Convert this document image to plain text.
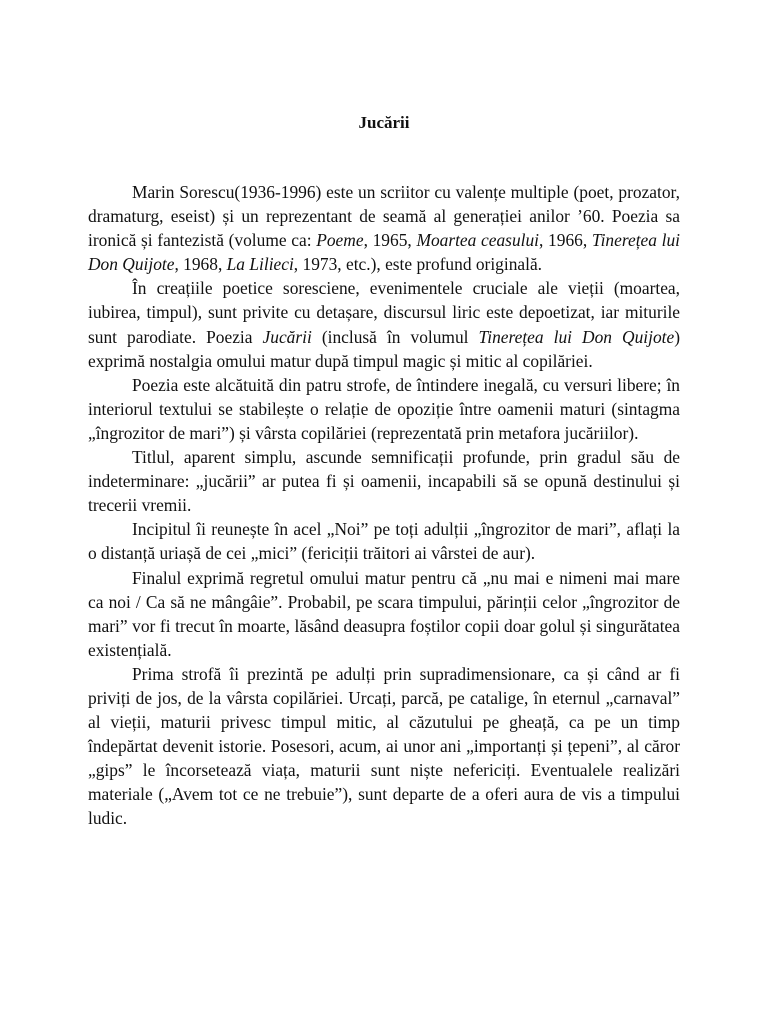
Jucării

Marin Sorescu(1936-1996) este un scriitor cu valențe multiple (poet, prozator, dramaturg, eseist) și un reprezentant de seamă al generației anilor ’60. Poezia sa ironică și fantezistă (volume ca: Poeme, 1965, Moartea ceasului, 1966, Tinerețea lui Don Quijote, 1968, La Lilieci, 1973, etc.), este profund originală.

În creațiile poetice soresciene, evenimentele cruciale ale vieții (moartea, iubirea, timpul), sunt privite cu detașare, discursul liric este depoetizat, iar miturile sunt parodiate. Poezia Jucării (inclusă în volumul Tinerețea lui Don Quijote) exprimă nostalgia omului matur după timpul magic și mitic al copilăriei.

Poezia este alcătuită din patru strofe, de întindere inegală, cu versuri libere; în interiorul textului se stabilește o relație de opoziție între oamenii maturi (sintagma „îngrozitor de mari”) și vârsta copilăriei (reprezentată prin metafora jucăriilor).

Titlul, aparent simplu, ascunde semnificații profunde, prin gradul său de indeterminare: „jucării” ar putea fi și oamenii, incapabili să se opună destinului și trecerii vremii.

Incipitul îi reunește în acel „Noi” pe toți adulții „îngrozitor de mari”, aflați la o distanță uriașă de cei „mici” (fericiții trăitori ai vârstei de aur).

Finalul exprimă regretul omului matur pentru că „nu mai e nimeni mai mare ca noi / Ca să ne mângâie”. Probabil, pe scara timpului, părinții celor „îngrozitor de mari” vor fi trecut în moarte, lăsând deasupra foștilor copii doar golul și singurătatea existențială.

Prima strofă îi prezintă pe adulți prin supradimensionare, ca și când ar fi priviți de jos, de la vârsta copilăriei. Urcați, parcă, pe catalige, în eternul „carnaval” al vieții, maturii privesc timpul mitic, al căzutului pe gheață, ca pe un timp îndepărtat devenit istorie. Posesori, acum, ai unor ani „importanți și țepeni”, al căror „gips” le încorsetează viața, maturii sunt niște nefericiți. Eventualele realizări materiale („Avem tot ce ne trebuie”), sunt departe de a oferi aura de vis a timpului ludic.
